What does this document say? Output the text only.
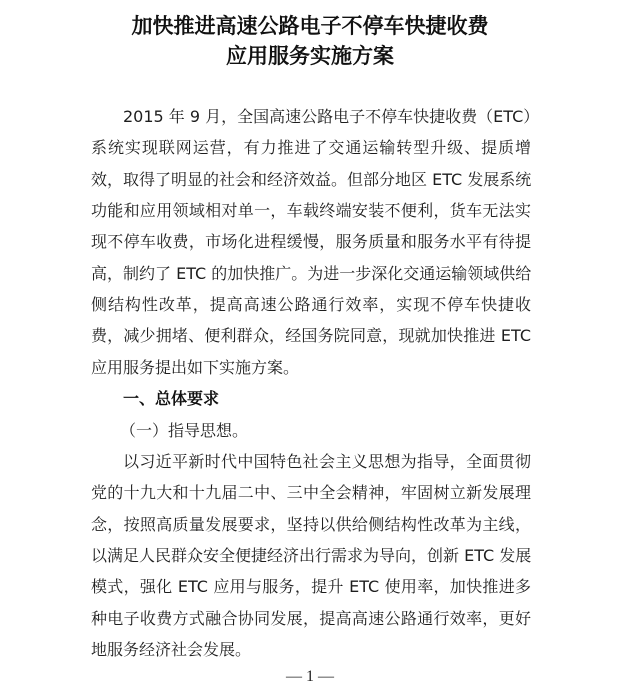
加快推进高速公路电子不停车快捷收费
应用服务实施方案
2015 年 9 月，全国高速公路电子不停车快捷收费（ETC）
系统实现联网运营，有力推进了交通运输转型升级、提质增
效，取得了明显的社会和经济效益。但部分地区 ETC 发展系统
功能和应用领域相对单一，车载终端安装不便利，货车无法实
现不停车收费，市场化进程缓慢，服务质量和服务水平有待提
高，制约了 ETC 的加快推广。为进一步深化交通运输领域供给
侧结构性改革，提高高速公路通行效率，实现不停车快捷收
费，减少拥堵、便利群众，经国务院同意，现就加快推进 ETC
应用服务提出如下实施方案。
一、总体要求
（一）指导思想。
以习近平新时代中国特色社会主义思想为指导，全面贯彻
党的十九大和十九届二中、三中全会精神，牢固树立新发展理
念，按照高质量发展要求，坚持以供给侧结构性改革为主线，
以满足人民群众安全便捷经济出行需求为导向，创新 ETC 发展
模式，强化 ETC 应用与服务，提升 ETC 使用率，加快推进多
种电子收费方式融合协同发展，提高高速公路通行效率，更好
地服务经济社会发展。
— 1 —
